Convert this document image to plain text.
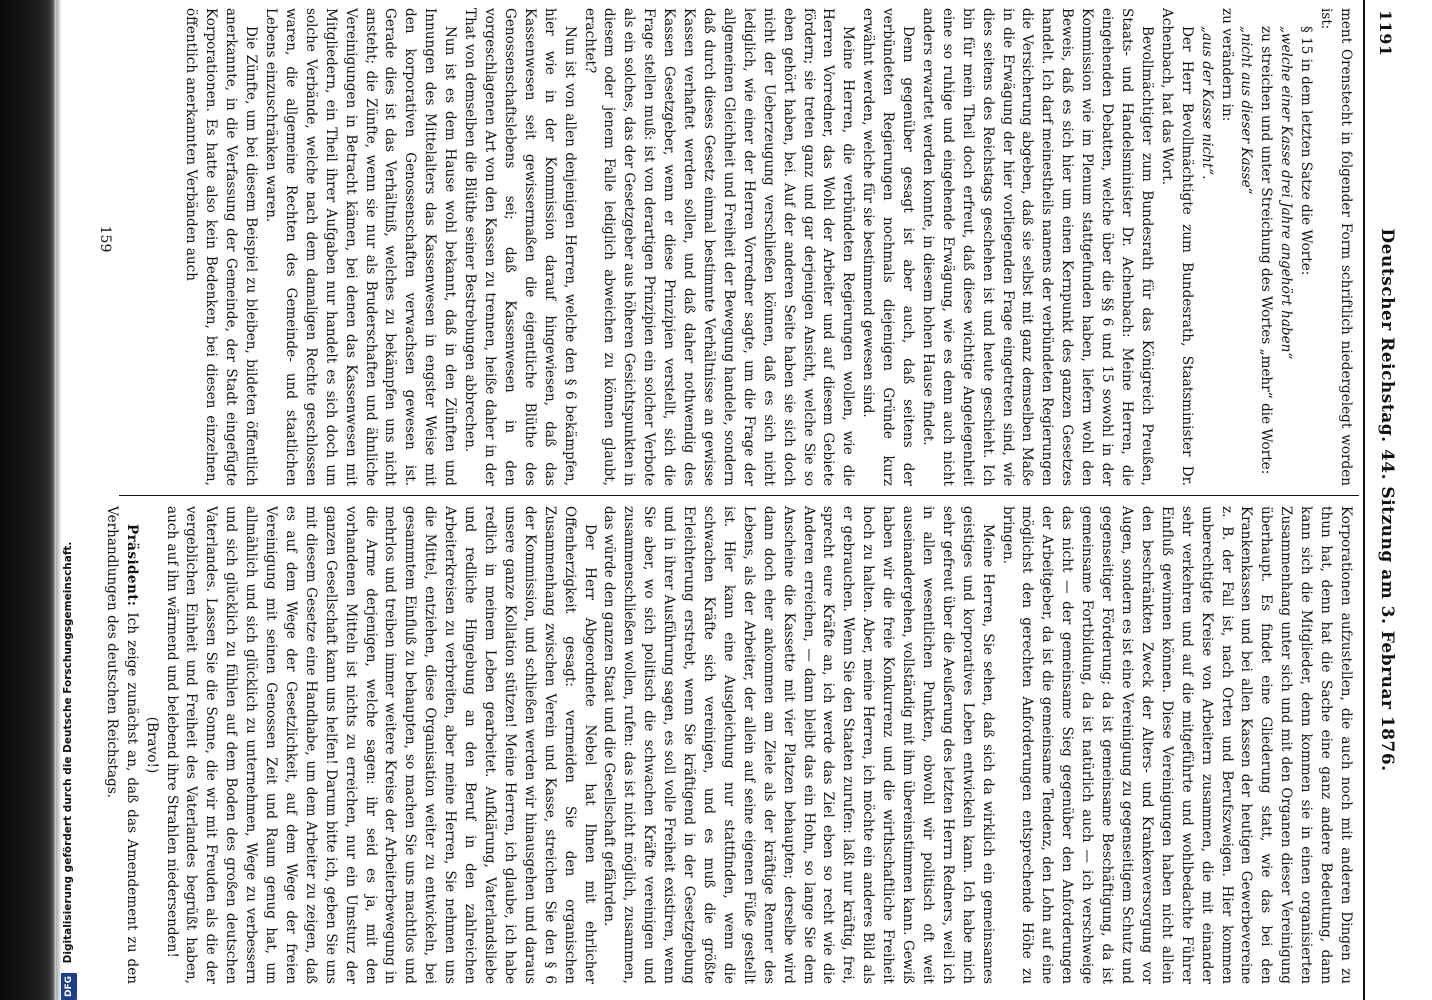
DFG Digitalisierung gefördert durch die Deutsche Forschungsgemeinschaft.
1191
Deutscher Reichstag. 44. Sitzung am 3. Februar 1876.

ment Orenstecht in folgender Form schriftlich niedergelegt worden ist:

§ 15 in dem letzten Satze die Worte:

„welche einer Kasse drei Jahre angehört haben“

zu streichen und unter Streichung des Wortes „mehr“ die Worte:

„nicht aus dieser Kasse“

zu verändern in:

„aus der Kasse nicht“.

Der Herr Bevollmächtigte zum Bundesrath, Staatsminister Dr. Achenbach, hat das Wort.

Bevollmächtigter zum Bundesrath für das Königreich Preußen, Staats- und Handelsminister Dr. Achenbach: Meine Herren, die eingehenden Debatten, welche über die §§ 6 und 15 sowohl in der Kommission wie im Plenum stattgefunden haben, liefern wohl den Beweis, daß es sich hier um einen Kernpunkt des ganzen Gesetzes handelt. Ich darf meinestheils namens der verbündeten Regierungen die Versicherung abgeben, daß sie selbst mit ganz demselben Maße in die Erwägung der hier vorliegenden Frage eingetreten sind, wie dies seitens des Reichstags geschehen ist und heute geschieht. Ich bin für mein Theil doch erfreut, daß diese wichtige Angelegenheit eine so ruhige und eingehende Erwägung, wie es denn auch nicht anders erwartet werden konnte, in diesem hohen Hause findet.

Denn gegenüber gesagt ist aber auch, daß seitens der verbündeten Regierungen nochmals diejenigen Gründe kurz erwähnt werden, welche für sie bestimmend gewesen sind.

Meine Herren, die verbündeten Regierungen wollen, wie die Herren Vorredner, das Wohl der Arbeiter und auf diesem Gebiete fördern; sie treten ganz und gar derjenigen Ansicht, welche Sie so eben gehört haben, bei. Auf der anderen Seite haben sie sich doch nicht der Ueberzeugung verschließen können, daß es sich nicht lediglich, wie einer der Herren Vorredner sagte, um die Frage der allgemeinen Gleichheit und Freiheit der Bewegung handele, sondern daß durch dieses Gesetz einmal bestimmte Verhältnisse an gewisse Kassen verhaftet werden sollen, und daß daher nothwendig des Kassen Gesetzgeber, wenn er diese Prinzipien verstellt, sich die Frage stellen muß: ist von derartigen Prinzipien ein solcher Verbote als ein solches, das der Gesetzgeber aus höheren Gesichtspunkten in diesem oder jenem Falle lediglich abweichen zu können glaubt, erachtet?

Nun ist von allen denjenigen Herren, welche den § 6 bekämpfen, hier wie in der Kommission darauf hingewiesen, daß das Kassenwesen seit gewissermaßen die eigentliche Blüthe des Genossenschaftslebens sei; daß Kassenwesen in den vorgeschlagenen Art von den Kassen zu trennen, heiße daher in der That von demselben die Blüthe seiner Bestrebungen abbrechen.

Nun ist es dem Hause wohl bekannt, daß in den Zünften und Innungen des Mittelalters das Kassenwesen in engster Weise mit den korporativen Genossenschaften verwachsen gewesen ist. Gerade dies ist das Verhältniß, welches zu bekämpfen uns nicht ansteht; die Zünfte, wenn sie nur als Bruderschaften und ähnliche Vereinigungen in Betracht kämen, bei denen das Kassenwesen mit Mitgliedern, ein Theil ihrer Aufgaben nur handelt es sich doch um solche Verbände, welche nach dem damaligen Rechte geschlossen waren, die allgemeine Rechten des Gemeinde- und staatlichen Lebens einzuschränken waren.

Die Zünfte, um bei diesem Beispiel zu bleiben, bildeten öffentlich anerkannte, in die Verfassung der Gemeinde, der Stadt eingefügte Korporationen. Es hatte also kein Bedenken, bei diesen einzelnen, öffentlich anerkannten Verbänden auch

Korporationen aufzustellen, die auch noch mit anderen Dingen zu thun hat, denn hat die Sache eine ganz andere Bedeutung, dann kann sich die Mitglieder, denn kommen sie in einen organisierten Zusammenhang unter sich und mit den Organen dieser Vereinigung überhaupt. Es findet eine Gliederung statt, wie das bei den Krankenkassen und bei allen Kassen der heutigen Gewerbevereine z. B. der Fall ist, nach Orten und Berufszweigen. Hier kommen unberechtigte Kreise von Arbeitern zusammen, die mit einander sehr verkehren und auf die mitgeführte und wohlbedachte Führer Einfluß gewinnen können. Diese Vereinigungen haben nicht allein den beschränkten Zweck der Alters- und Krankenversorgung vor Augen, sondern es ist eine Vereinigung zu gegenseitigem Schutz und gegenseitiger Förderung; da ist gemeinsame Beschäftigung, da ist gemeinsame Fortbildung, da ist natürlich auch — ich verschweige das nicht — der gemeinsame Sieg gegenüber den Anforderungen der Arbeitgeber, da ist die gemeinsame Tendenz, den Lohn auf eine möglichst den gerechten Anforderungen entsprechende Höhe zu bringen.

Meine Herren, Sie sehen, daß sich da wirklich ein gemeinsames geistiges und korporatives Leben entwickeln kann. Ich habe mich sehr gefreut über die Aeußerung des letzten Herrn Redners, weil ich in allen wesentlichen Punkten, obwohl wir politisch oft weit auseinandergehen, vollständig mit ihm übereinstimmen kann. Gewiß haben wir die freie Konkurrenz und die wirthschaftliche Freiheit hoch zu halten. Aber, meine Herren, ich möchte ein anderes Bild als er gebrauchen. Wenn Sie den Staaten zurufen: laßt nur kräftig, frei, sprecht eure Kräfte an, ich werde das Ziel eben so recht wie die Anderen erreichen, — dann bleibt das ein Hohn, so lange Sie dem Anscheine die Kassette mit vier Platzen behaupten; derselbe wird dann doch eher ankommen am Ziele als der kräftige Renner des Lebens, als der Arbeiter, der allein auf seine eigenen Füße gestellt ist. Hier kann eine Ausgleichung nur stattfinden, wenn die schwachen Kräfte sich vereinigen, und es muß die größte Erleichterung erstrebt, wenn Sie kräftigend in der Gesetzgebung und in ihrer Ausführung sagen, es soll volle Freiheit existiren, wenn Sie aber, wo sich politisch die schwachen Kräfte vereinigen und zusammenschließen wollen, rufen: das ist nicht möglich, zusammen, das würde den ganzen Staat und die Gesellschaft gefährden.

Der Herr Abgeordnete Nebel hat Ihnen mit ehrlicher Offenherzigkeit gesagt: vermeiden Sie den organischen Zusammenhang zwischen Verein und Kasse, streichen Sie den § 6 der Kommission, und schließen werden wir hinausgehen und daraus unsere ganze Kollation stützen! Meine Herren, ich glaube, ich habe redlich in meinem Leben gearbeitet. Aufklärung, Vaterlandsliebe und redliche Hingebung an den Beruf in den zahlreichen Arbeiterkreisen zu verbreiten, aber meine Herren, Sie nehmen uns die Mittel, entziehen, diese Organisation weiter zu entwickeln, bei gesammtem Einfluß zu behaupten, so machen Sie uns machtlos und mehrlos und treiben immer weitere Kreise der Arbeiterbewegung in die Arme derjenigen, welche sagen: ihr seid es ja, mit den vorhandenen Mitteln ist nichts zu erreichen, nur ein Umsturz der ganzen Gesellschaft kann uns helfen! Darum bitte ich, geben Sie uns mit diesem Gesetze eine Handhabe, um dem Arbeiter zu zeigen, daß es auf dem Wege der Gesetzlichkeit, auf dem Wege der freien Vereinigung mit seinen Genossen Zeit und Raum genug hat, um allmählich und sich glücklich zu unternehmen, Wege zu verbessern und sich glücklich zu fühlen auf dem Boden des großen deutschen Vaterlandes. Lassen Sie die Sonne, die wir mit Freuden als die der vergeblichen Einheit und Freiheit des Vaterlandes begrüßt haben, auch auf ihn wärmend und belebend ihre Strahlen niedersenden!

(Bravo!)

Präsident: Ich zeige zunächst an, daß das Amendement zu den Verhandlungen des deutschen Reichstags.

159
